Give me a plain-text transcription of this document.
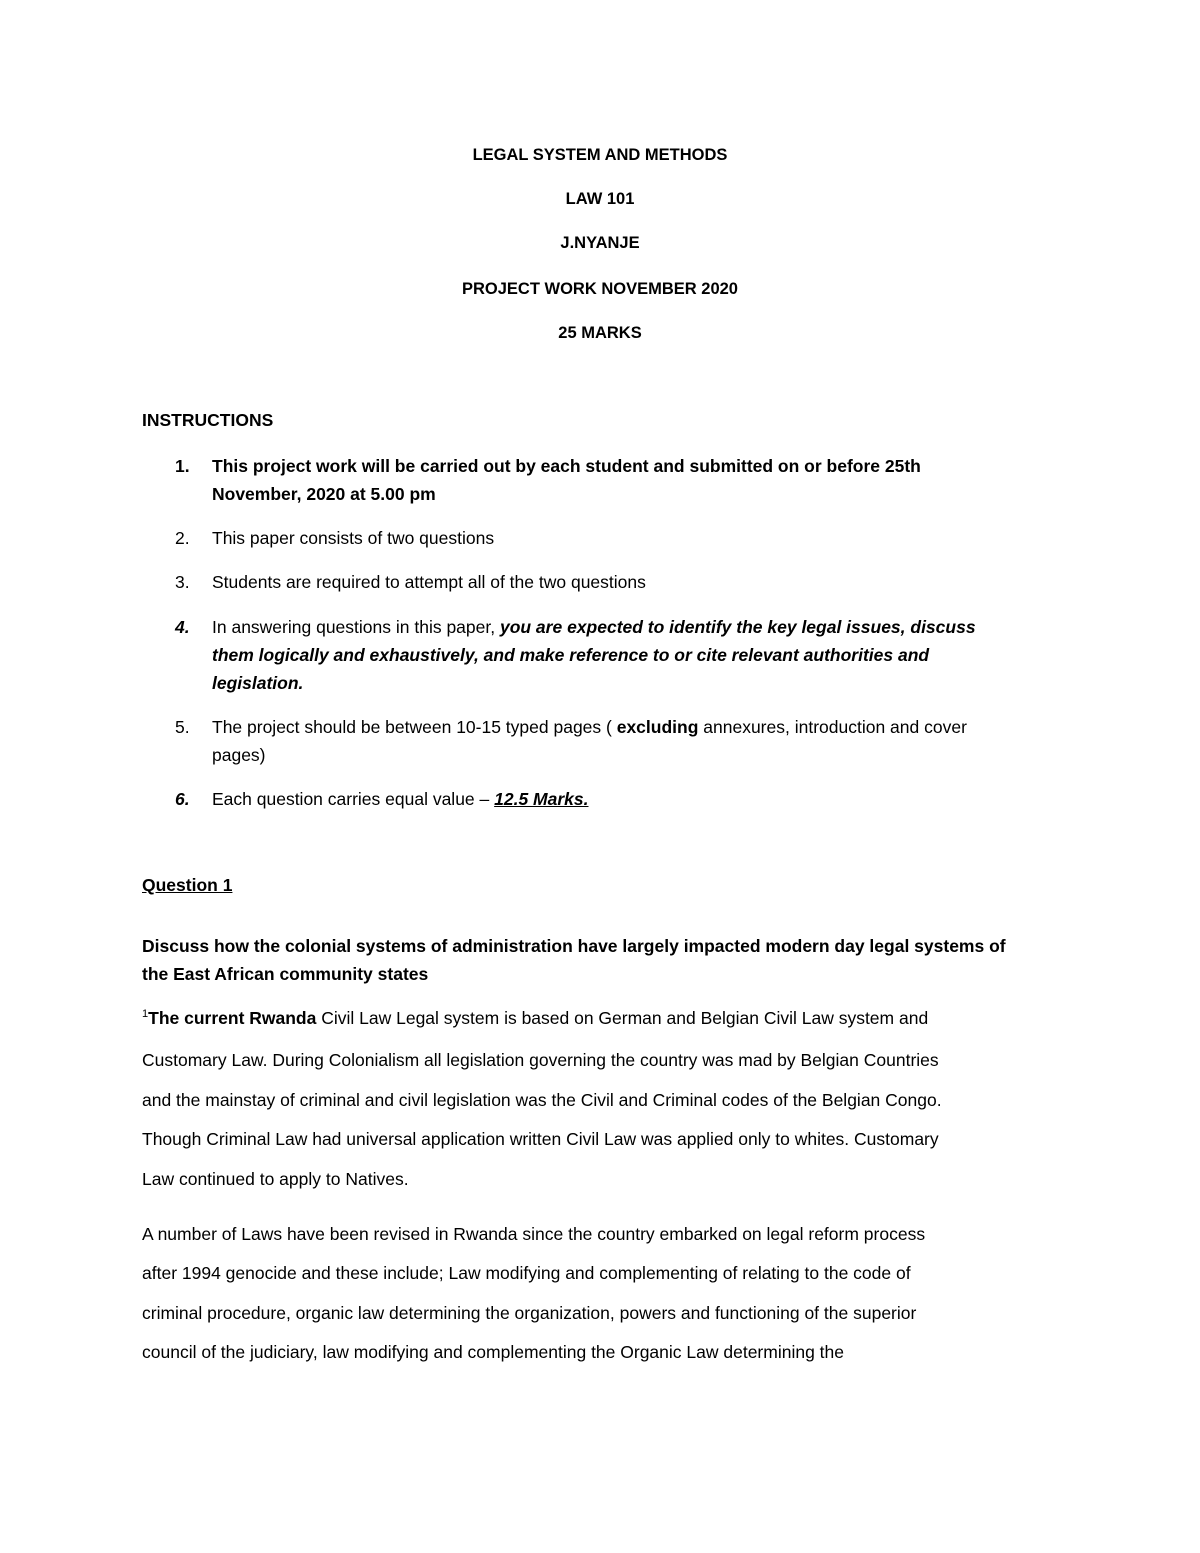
LEGAL SYSTEM AND METHODS

LAW 101

J.NYANJE

PROJECT WORK NOVEMBER 2020

25 MARKS

INSTRUCTIONS

1. This project work will be carried out by each student and submitted on or before 25th
November, 2020 at 5.00 pm
2. This paper consists of two questions
3. Students are required to attempt all of the two questions
4. In answering questions in this paper, you are expected to identify the key legal issues, discuss
them logically and exhaustively, and make reference to or cite relevant authorities and
legislation.
5. The project should be between 10-15 typed pages ( excluding annexures, introduction and cover
pages)
6. Each question carries equal value – 12.5 Marks.

Question 1

Discuss how the colonial systems of administration have largely impacted modern day legal systems of

the East African community states

$^1$The current Rwanda Civil Law Legal system is based on German and Belgian Civil Law system and

Customary Law. During Colonialism all legislation governing the country was mad by Belgian Countries

and the mainstay of criminal and civil legislation was the Civil and Criminal codes of the Belgian Congo.

Though Criminal Law had universal application written Civil Law was applied only to whites. Customary

Law continued to apply to Natives.

A number of Laws have been revised in Rwanda since the country embarked on legal reform process

after 1994 genocide and these include; Law modifying and complementing of relating to the code of

criminal procedure, organic law determining the organization, powers and functioning of the superior

council of the judiciary, law modifying and complementing the Organic Law determining the
